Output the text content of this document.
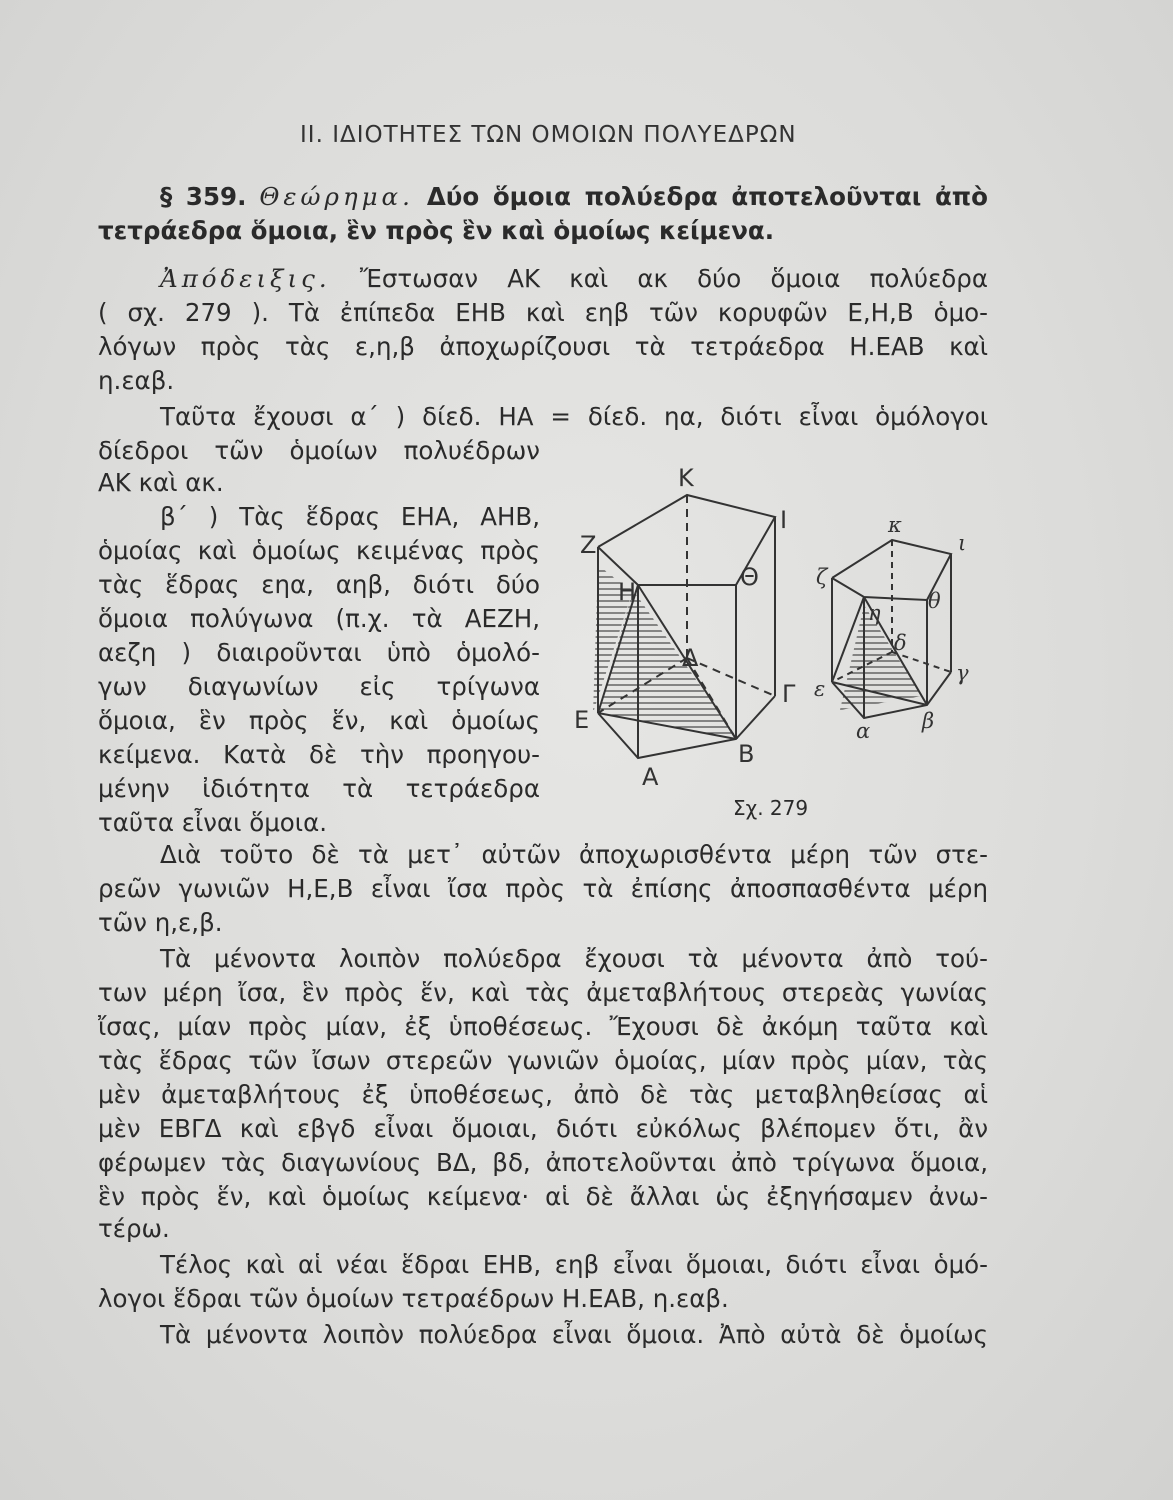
II. ΙΔΙΟΤΗΤΕΣ ΤΩΝ ΟΜΟΙΩΝ ΠΟΛΥΕΔΡΩΝ
§ 359. Θεώρημα. Δύο ὅμοια πολύεδρα ἀποτελοῦνται ἀπὸ
τετράεδρα ὅμοια, ἓν πρὸς ἓν καὶ ὁμοίως κείμενα.
Ἀπόδειξις. Ἔστωσαν ΑΚ καὶ ακ δύο ὅμοια πολύεδρα
( σχ. 279 ). Τὰ ἐπίπεδα ΕΗΒ καὶ εηβ τῶν κορυφῶν Ε,Η,Β ὁμο-
λόγων πρὸς τὰς ε,η,β ἀποχωρίζουσι τὰ τετράεδρα Η.ΕΑΒ καὶ
η.εαβ.
Ταῦτα ἔχουσι α΄ ) δίεδ. ΗΑ = δίεδ. ηα, διότι εἶναι ὁμόλογοι
δίεδροι τῶν ὁμοίων πολυέδρων
ΑΚ καὶ ακ.
β΄ ) Τὰς ἕδρας ΕΗΑ, ΑΗΒ,
ὁμοίας καὶ ὁμοίως κειμένας πρὸς
τὰς ἕδρας εηα, αηβ, διότι δύο
ὅμοια πολύγωνα (π.χ. τὰ ΑΕΖΗ,
αεζη ) διαιροῦνται ὑπὸ ὁμολό-
γων διαγωνίων εἰς τρίγωνα
ὅμοια, ἓν πρὸς ἕν, καὶ ὁμοίως
κείμενα. Κατὰ δὲ τὴν προηγου-
μένην ἰδιότητα τὰ τετράεδρα
ταῦτα εἶναι ὅμοια.
Διὰ τοῦτο δὲ τὰ μετ᾽ αὐτῶν ἀποχωρισθέντα μέρη τῶν στε-
ρεῶν γωνιῶν Η,Ε,Β εἶναι ἴσα πρὸς τὰ ἐπίσης ἀποσπασθέντα μέρη
τῶν η,ε,β.
Τὰ μένοντα λοιπὸν πολύεδρα ἔχουσι τὰ μένοντα ἀπὸ τού-
των μέρη ἴσα, ἓν πρὸς ἕν, καὶ τὰς ἀμεταβλήτους στερεὰς γωνίας
ἴσας, μίαν πρὸς μίαν, ἐξ ὑποθέσεως. Ἔχουσι δὲ ἀκόμη ταῦτα καὶ
τὰς ἕδρας τῶν ἴσων στερεῶν γωνιῶν ὁμοίας, μίαν πρὸς μίαν, τὰς
μὲν ἀμεταβλήτους ἐξ ὑποθέσεως, ἀπὸ δὲ τὰς μεταβληθείσας αἱ
μὲν ΕΒΓΔ καὶ εβγδ εἶναι ὅμοιαι, διότι εὐκόλως βλέπομεν ὅτι, ἂν
φέρωμεν τὰς διαγωνίους ΒΔ, βδ, ἀποτελοῦνται ἀπὸ τρίγωνα ὅμοια,
ἓν πρὸς ἕν, καὶ ὁμοίως κείμενα· αἱ δὲ ἄλλαι ὡς ἐξηγήσαμεν ἀνω-
τέρω.
Τέλος καὶ αἱ νέαι ἕδραι ΕΗΒ, εηβ εἶναι ὅμοιαι, διότι εἶναι ὁμό-
λογοι ἕδραι τῶν ὁμοίων τετραέδρων Η.ΕΑΒ, η.εαβ.
Τὰ μένοντα λοιπὸν πολύεδρα εἶναι ὅμοια. Ἀπὸ αὐτὰ δὲ ὁμοίως
Κ
Ι
Ζ
Θ
Η
Δ
Γ
Ε
Β
Α
κ
ι
ζ
θ
η
δ
γ
ε
β
α
Σχ. 279
